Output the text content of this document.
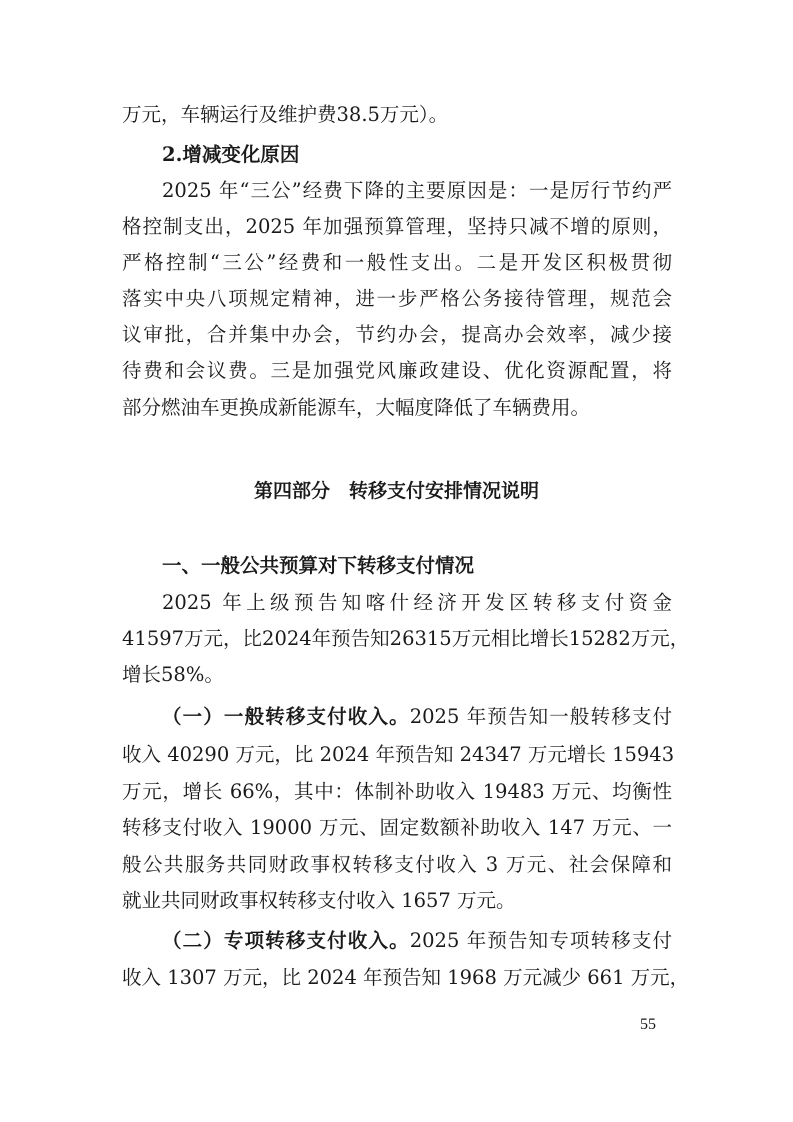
万元，车辆运行及维护费38.5万元）。
2.增减变化原因
2025 年“三公”经费下降的主要原因是：一是厉行节约严
格控制支出，2025 年加强预算管理，坚持只减不增的原则，
严格控制“三公”经费和一般性支出。二是开发区积极贯彻
落实中央八项规定精神，进一步严格公务接待管理，规范会
议审批，合并集中办会，节约办会，提高办会效率，减少接
待费和会议费。三是加强党风廉政建设、优化资源配置，将
部分燃油车更换成新能源车，大幅度降低了车辆费用。
第四部分　转移支付安排情况说明
一、一般公共预算对下转移支付情况
2025 年上级预告知喀什经济开发区转移支付资金
41597万元，比2024年预告知26315万元相比增长15282万元，
增长58%。
（一）一般转移支付收入。2025 年预告知一般转移支付
收入 40290 万元，比 2024 年预告知 24347 万元增长 15943
万元，增长 66%，其中：体制补助收入 19483 万元、均衡性
转移支付收入 19000 万元、固定数额补助收入 147 万元、一
般公共服务共同财政事权转移支付收入 3 万元、社会保障和
就业共同财政事权转移支付收入 1657 万元。
（二）专项转移支付收入。2025 年预告知专项转移支付
收入 1307 万元，比 2024 年预告知 1968 万元减少 661 万元，
55
